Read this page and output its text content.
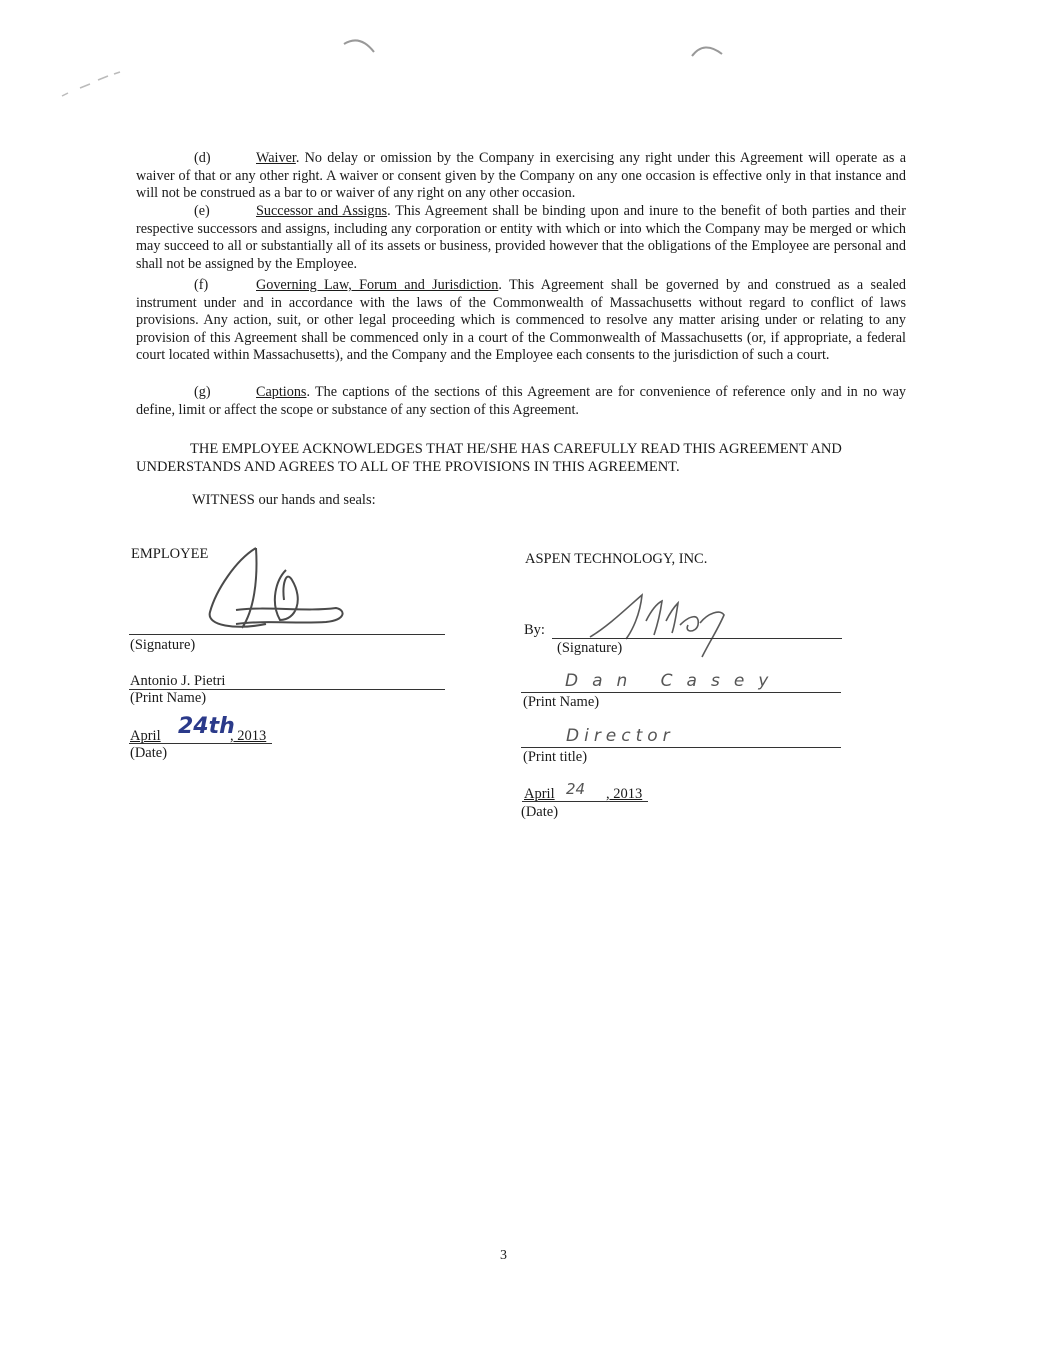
(d)	Waiver. No delay or omission by the Company in exercising any right under this Agreement will operate as a waiver of that or any other right. A waiver or consent given by the Company on any one occasion is effective only in that instance and will not be construed as a bar to or waiver of any right on any other occasion.

(e)	Successor and Assigns. This Agreement shall be binding upon and inure to the benefit of both parties and their respective successors and assigns, including any corporation or entity with which or into which the Company may be merged or which may succeed to all or substantially all of its assets or business, provided however that the obligations of the Employee are personal and shall not be assigned by the Employee.

(f)	Governing Law, Forum and Jurisdiction. This Agreement shall be governed by and construed as a sealed instrument under and in accordance with the laws of the Commonwealth of Massachusetts without regard to conflict of laws provisions. Any action, suit, or other legal proceeding which is commenced to resolve any matter arising under or relating to any provision of this Agreement shall be commenced only in a court of the Commonwealth of Massachusetts (or, if appropriate, a federal court located within Massachusetts), and the Company and the Employee each consents to the jurisdiction of such a court.

(g)	Captions. The captions of the sections of this Agreement are for convenience of reference only and in no way define, limit or affect the scope or substance of any section of this Agreement.

THE EMPLOYEE ACKNOWLEDGES THAT HE/SHE HAS CAREFULLY READ THIS AGREEMENT AND UNDERSTANDS AND AGREES TO ALL OF THE PROVISIONS IN THIS AGREEMENT.

WITNESS our hands and seals:
EMPLOYEE
(Signature)
Antonio J. Pietri
(Print Name)
April 24th
, 2013
(Date)
ASPEN TECHNOLOGY, INC.
By:
(Signature)
Dan Casey
(Print Name)
Director
(Print title)
April 24 , 2013
(Date)
3
